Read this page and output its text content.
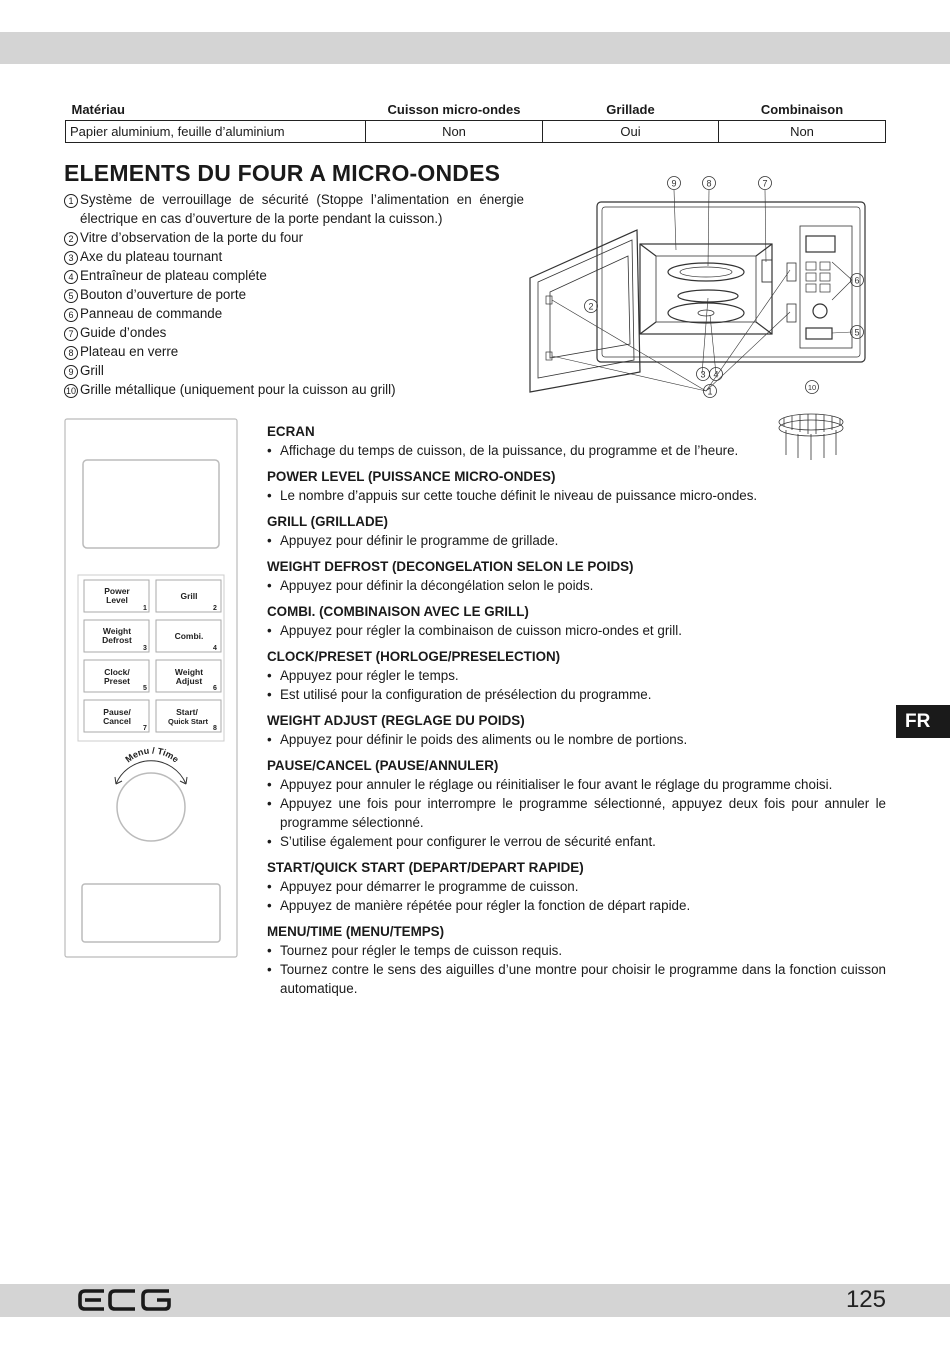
Matériau	Cuisson micro-ondes	Grillade	Combinaison
Papier aluminium, feuille d’aluminium	Non	Oui	Non
ELEMENTS DU FOUR A MICRO-ONDES
1 Système de verrouillage de sécurité (Stoppe l’alimentation en énergie électrique en cas d’ouverture de la porte pendant la cuisson.)
2 Vitre d’observation de la porte du four
3 Axe du plateau tournant
4 Entraîneur de plateau compléte
5 Bouton d’ouverture de porte
6 Panneau de commande
7 Guide d’ondes
8 Plateau en verre
9 Grill
10 Grille métallique (uniquement pour la cuisson au grill)
9	8	7
6
5
2
3 4
1	10
Power
Level
1
Grill
2
Weight
Defrost
3
Combi.
4
Clock/
Preset
5
Weight
Adjust
6
Pause/
Cancel
7
Start/
Quick Start
8
Menu / Time
ECRAN
• Affichage du temps de cuisson, de la puissance, du programme et de l’heure.
POWER LEVEL (PUISSANCE MICRO-ONDES)
• Le nombre d’appuis sur cette touche définit le niveau de puissance micro-ondes.
GRILL (GRILLADE)
• Appuyez pour définir le programme de grillade.
WEIGHT DEFROST (DECONGELATION SELON LE POIDS)
• Appuyez pour définir la décongélation selon le poids.
COMBI. (COMBINAISON AVEC LE GRILL)
• Appuyez pour régler la combinaison de cuisson micro-ondes et grill.
CLOCK/PRESET (HORLOGE/PRESELECTION)
• Appuyez pour régler le temps.
• Est utilisé pour la configuration de présélection du programme.
WEIGHT ADJUST (REGLAGE DU POIDS)
• Appuyez pour définir le poids des aliments ou le nombre de portions.
PAUSE/CANCEL (PAUSE/ANNULER)
• Appuyez pour annuler le réglage ou réinitialiser le four avant le réglage du programme choisi.
• Appuyez une fois pour interrompre le programme sélectionné, appuyez deux fois pour annuler le programme sélectionné.
• S’utilise également pour configurer le verrou de sécurité enfant.
START/QUICK START (DEPART/DEPART RAPIDE)
• Appuyez pour démarrer le programme de cuisson.
• Appuyez de manière répétée pour régler la fonction de départ rapide.
MENU/TIME (MENU/TEMPS)
• Tournez pour régler le temps de cuisson requis.
• Tournez contre le sens des aiguilles d’une montre pour choisir le programme dans la fonction cuisson automatique.
FR
125
